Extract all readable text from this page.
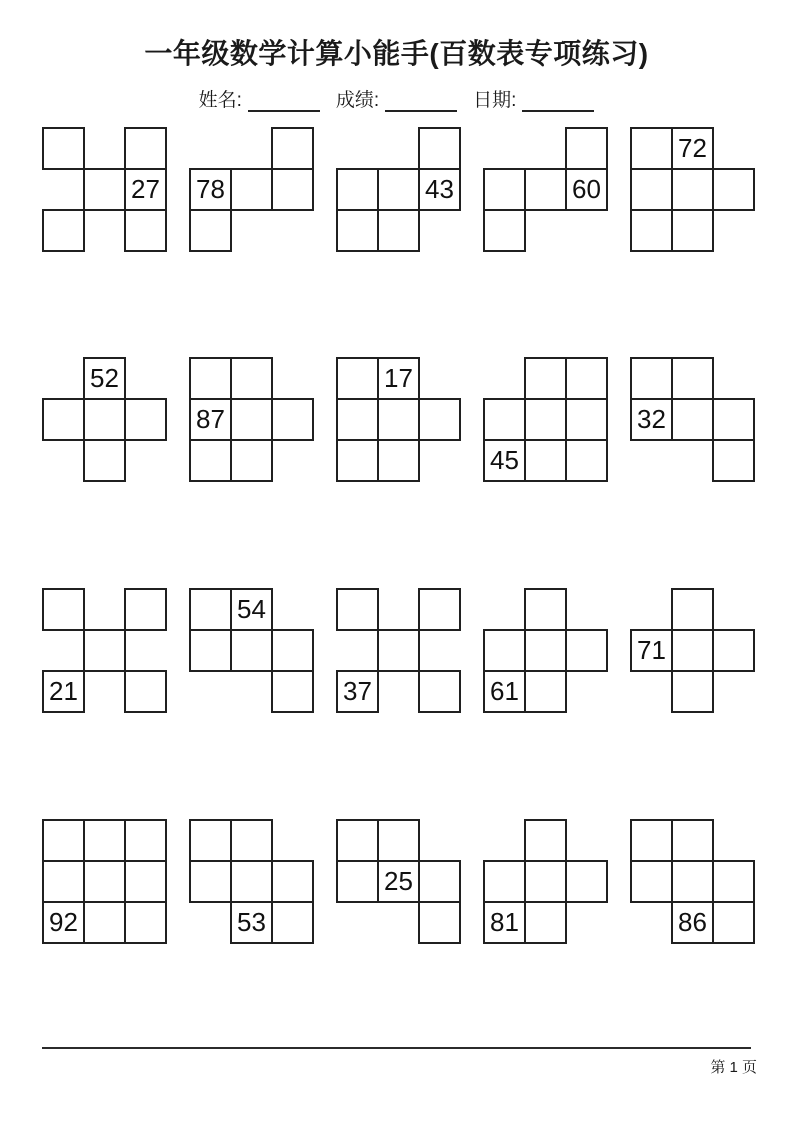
一年级数学计算小能手(百数表专项练习)
姓名:	成绩:	日期:
27 78	43	60
72
52
87
17
45
32
21
54
37	61
71
92	53
25
81	86
第 1 页
